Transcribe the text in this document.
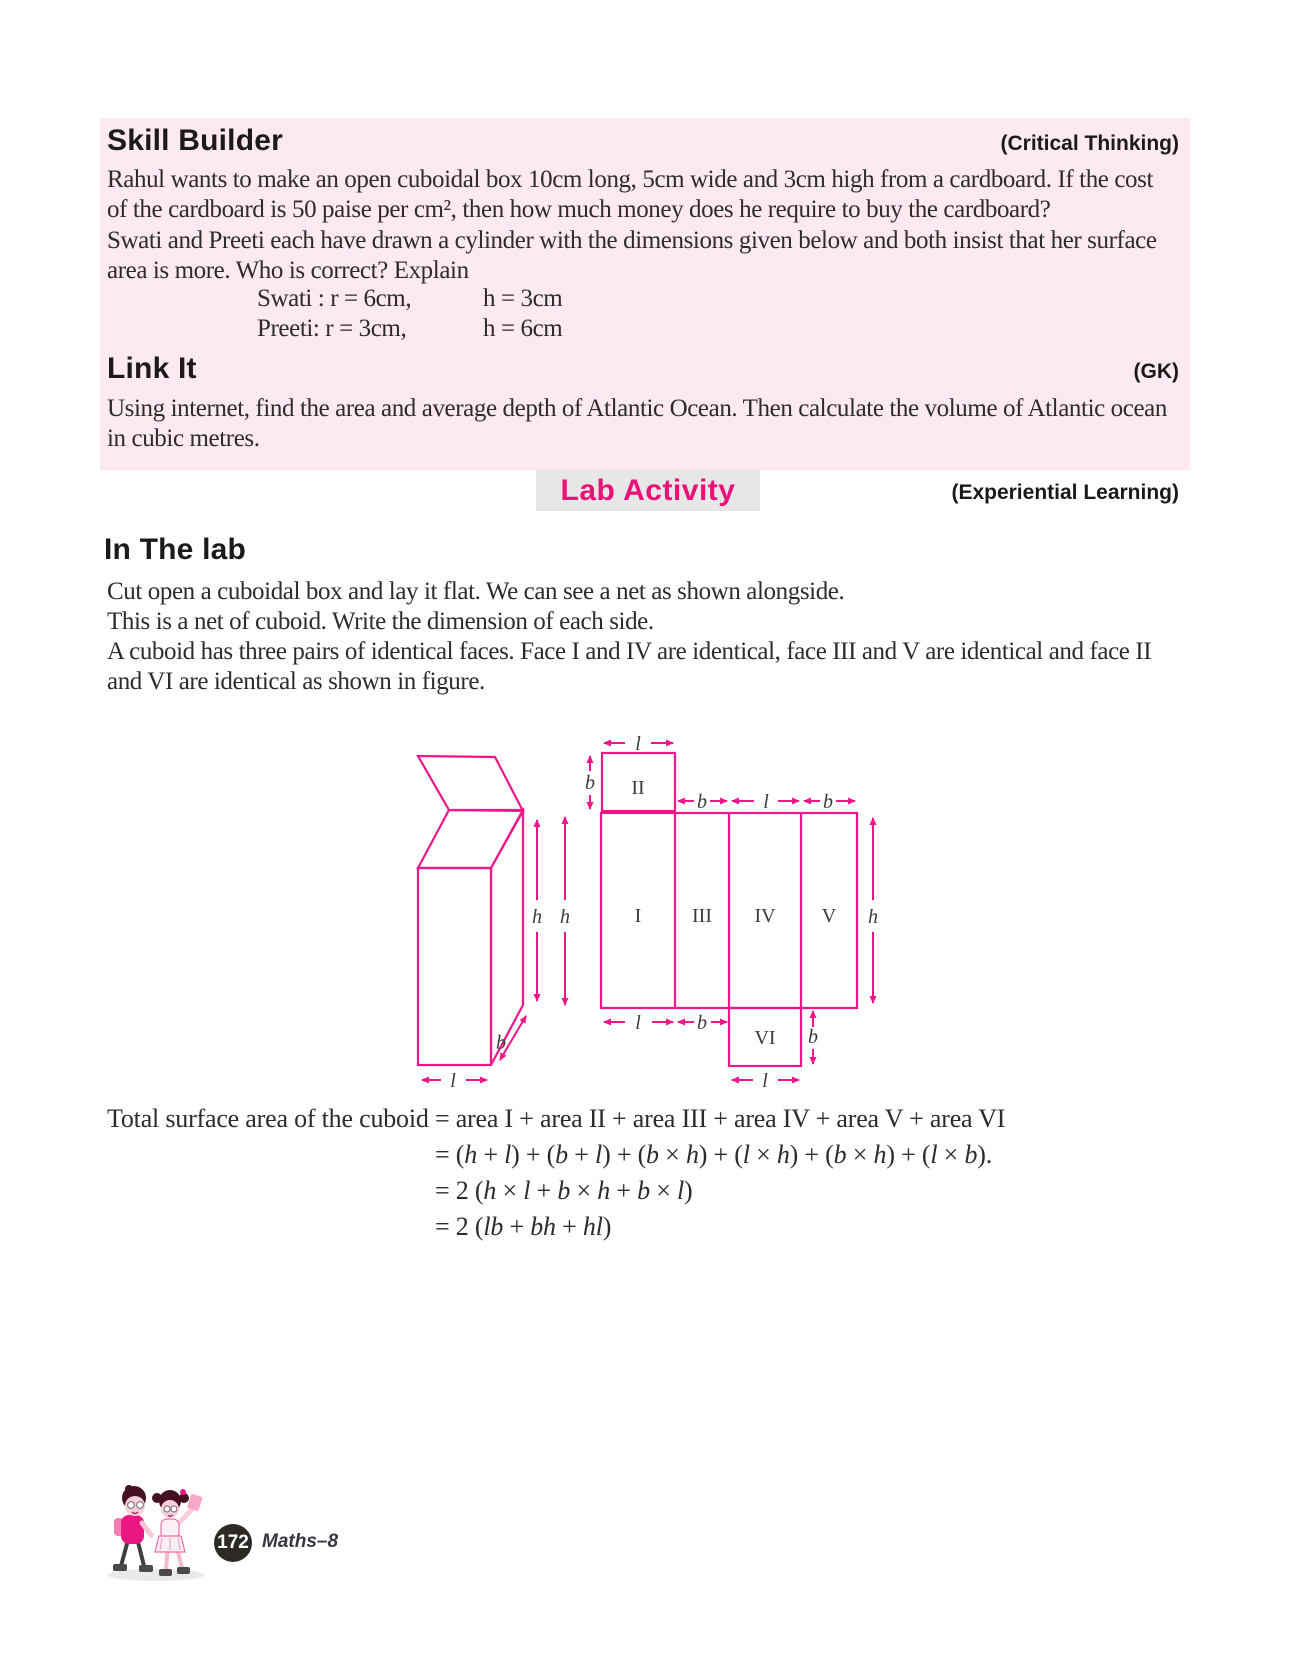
Skill Builder	(Critical Thinking)
Rahul wants to make an open cuboidal box 10cm long, 5cm wide and 3cm high from a cardboard. If the cost of the cardboard is 50 paise per cm², then how much money does he require to buy the cardboard?
Swati and Preeti each have drawn a cylinder with the dimensions given below and both insist that her surface area is more. Who is correct? Explain
Swati : r = 6cm,	h = 3cm
Preeti: r = 3cm,	h = 6cm
Link It	(GK)
Using internet, find the area and average depth of Atlantic Ocean. Then calculate the volume of Atlantic ocean in cubic metres.
Lab Activity	(Experiential Learning)
In The lab
Cut open a cuboidal box and lay it flat. We can see a net as shown alongside.
This is a net of cuboid. Write the dimension of each side.
A cuboid has three pairs of identical faces. Face I and IV are identical, face III and V are identical and face II and VI are identical as shown in figure.
h
l
b
II
I	III IV V
VI
l
b
b	l	b
h	h
l	b
b
l
Total surface area of the cuboid = area I + area II + area III + area IV + area V + area VI
= (h + l) + (b + l) + (b × h) + (l × h) + (b × h) + (l × b).
= 2 (h × l + b × h + b × l)
= 2 (lb + bh + hl)
172 Maths–8
